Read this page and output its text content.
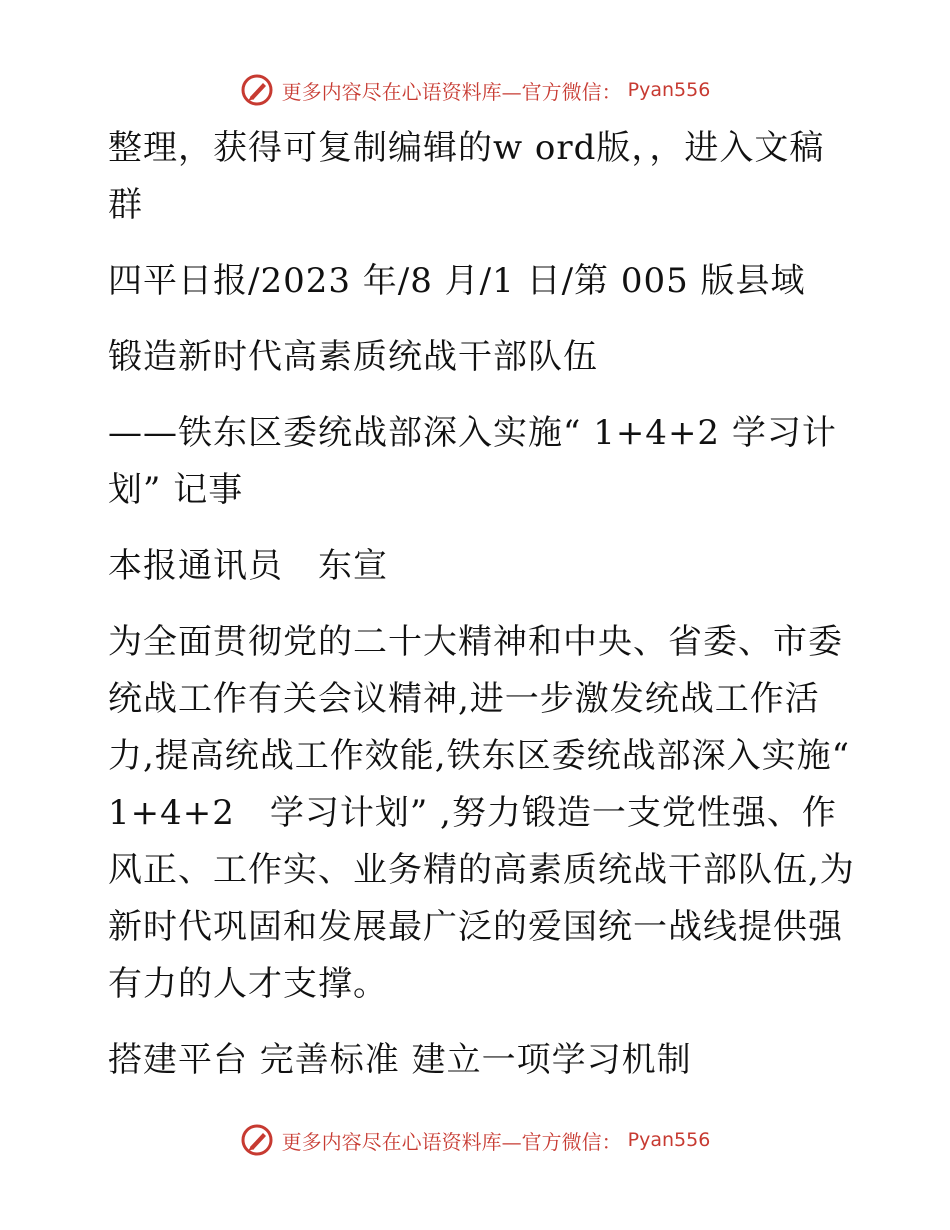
更多内容尽在心语资料库—官方微信： Pyan556
整理，获得可复制编辑的w ord版，，进入文稿群
四平日报/2023 年/8 月/1 日/第 005 版县域
锻造新时代高素质统战干部队伍
——铁东区委统战部深入实施“ 1+4+2 学习计划” 记事
本报通讯员　东宣
为全面贯彻党的二十大精神和中央、省委、市委统战工作有关会议精神,进一步激发统战工作活力,提高统战工作效能,铁东区委统战部深入实施“ 1+4+2　学习计划” ,努力锻造一支党性强、作风正、工作实、业务精的高素质统战干部队伍,为新时代巩固和发展最广泛的爱国统一战线提供强有力的人才支撑。
搭建平台 完善标准 建立一项学习机制
更多内容尽在心语资料库—官方微信： Pyan556
